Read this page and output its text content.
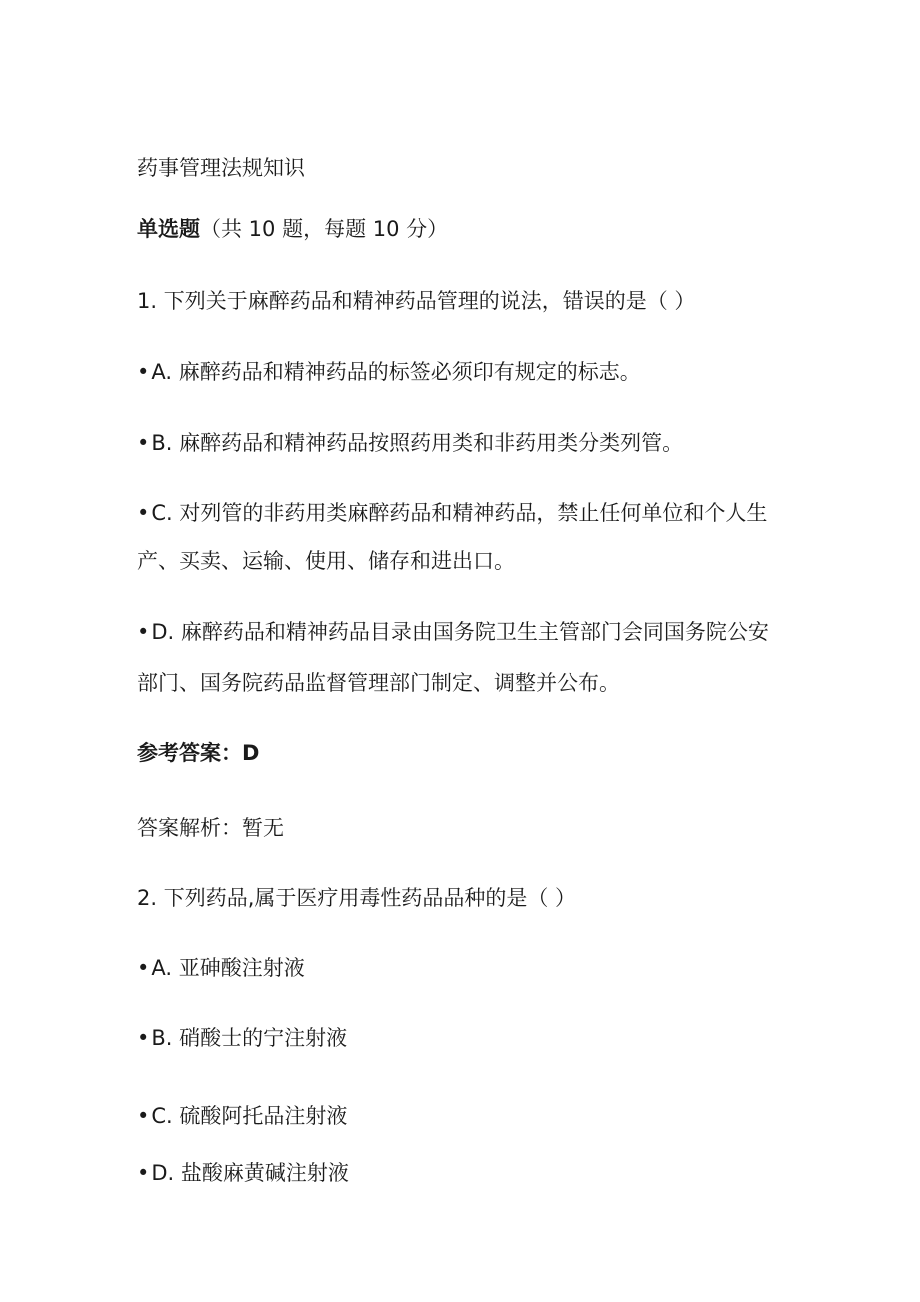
药事管理法规知识
单选题（共 10 题，每题 10 分）
1. 下列关于麻醉药品和精神药品管理的说法，错误的是（ ）
•A. 麻醉药品和精神药品的标签必须印有规定的标志。
•B. 麻醉药品和精神药品按照药用类和非药用类分类列管。
•C. 对列管的非药用类麻醉药品和精神药品，禁止任何单位和个人生
产、买卖、运输、使用、储存和进出口。
•D. 麻醉药品和精神药品目录由国务院卫生主管部门会同国务院公安
部门、国务院药品监督管理部门制定、调整并公布。
参考答案：D
答案解析：暂无
2. 下列药品,属于医疗用毒性药品品种的是（ ）
•A. 亚砷酸注射液
•B. 硝酸士的宁注射液
•C. 硫酸阿托品注射液
•D. 盐酸麻黄碱注射液
